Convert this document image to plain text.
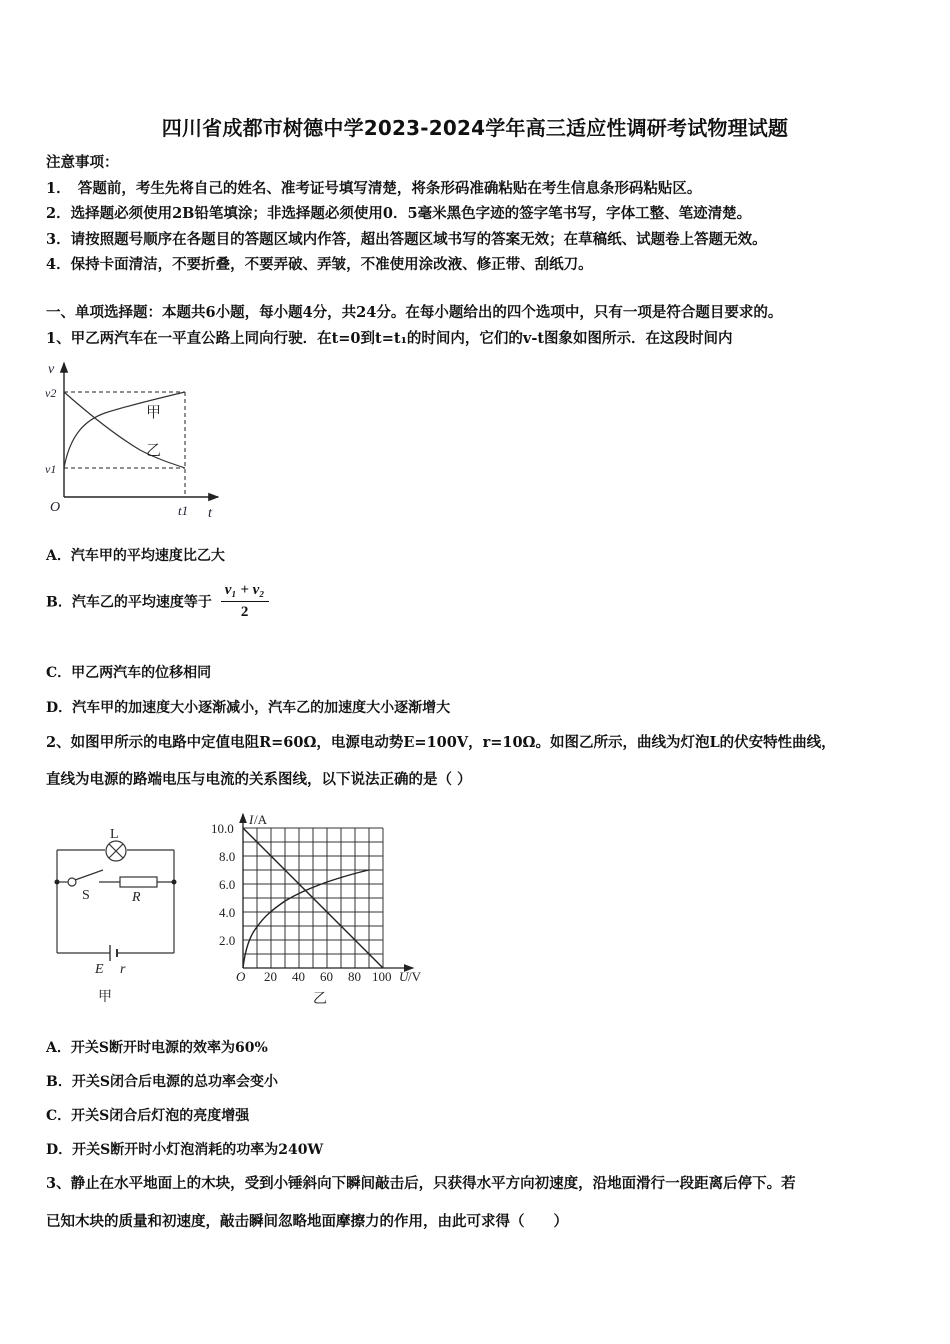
四川省成都市树德中学2023-2024学年高三适应性调研考试物理试题
注意事项：
1．　答题前，考生先将自己的姓名、准考证号填写清楚，将条形码准确粘贴在考生信息条形码粘贴区。
2．选择题必须使用2B铅笔填涂；非选择题必须使用0．5毫米黑色字迹的签字笔书写，字体工整、笔迹清楚。
3．请按照题号顺序在各题目的答题区域内作答，超出答题区域书写的答案无效；在草稿纸、试题卷上答题无效。
4．保持卡面清洁，不要折叠，不要弄破、弄皱，不准使用涂改液、修正带、刮纸刀。
一、单项选择题：本题共6小题，每小题4分，共24分。在每小题给出的四个选项中，只有一项是符合题目要求的。
1、甲乙两汽车在一平直公路上同向行驶．在t=0到t=t₁的时间内，它们的v-t图象如图所示．在这段时间内
v
v2
v1
O	t1 t
甲
乙
A．汽车甲的平均速度比乙大
B．汽车乙的平均速度等于 $\frac{\text{v₁ + v₂}}{2}$
C．甲乙两汽车的位移相同
D．汽车甲的加速度大小逐渐减小，汽车乙的加速度大小逐渐增大
2、如图甲所示的电路中定值电阻R=60Ω，电源电动势E=100V，r=10Ω。如图乙所示，曲线为灯泡L的伏安特性曲线，
直线为电源的路端电压与电流的关系图线，以下说法正确的是（ ）
L
S	R
E r
甲
I /A
10.0
8.0
6.0
4.0
2.0
O 20 40 60 80 100 U /V
乙
A．开关S断开时电源的效率为60%
B．开关S闭合后电源的总功率会变小
C．开关S闭合后灯泡的亮度增强
D．开关S断开时小灯泡消耗的功率为240W
3、静止在水平地面上的木块，受到小锤斜向下瞬间敲击后，只获得水平方向初速度，沿地面滑行一段距离后停下。若
已知木块的质量和初速度，敲击瞬间忽略地面摩擦力的作用，由此可求得（　　）
